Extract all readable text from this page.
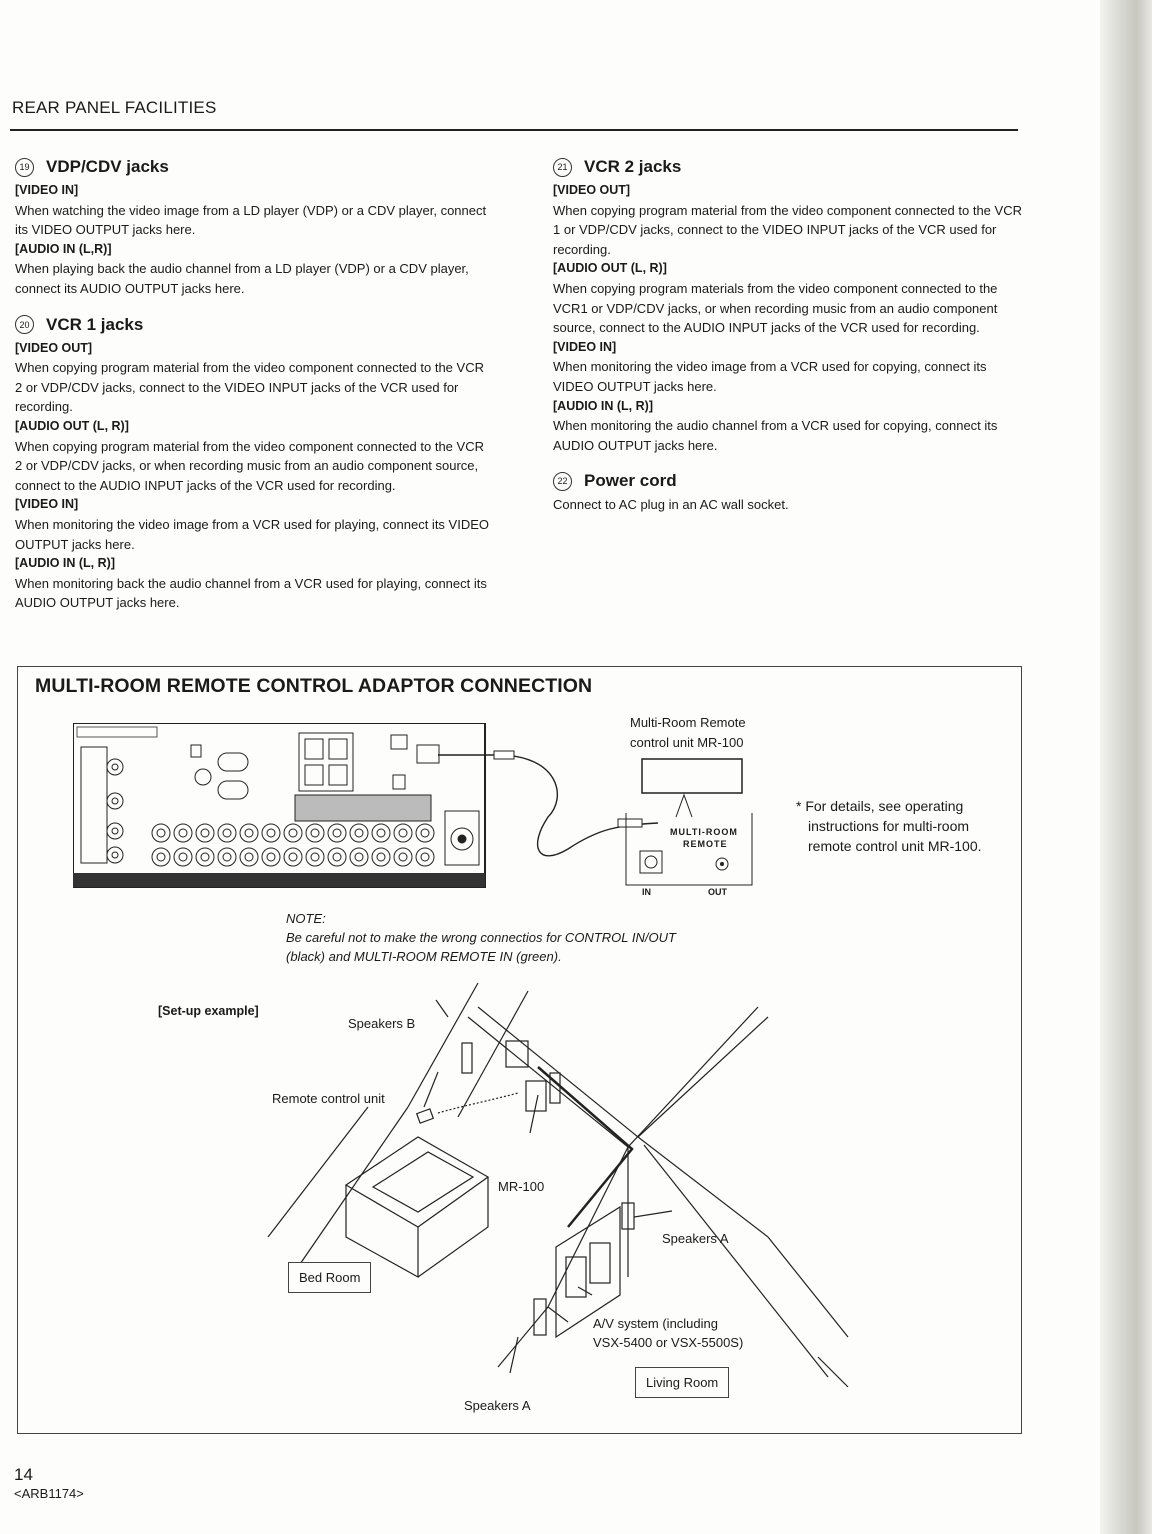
REAR PANEL FACILITIES
19 VDP/CDV jacks
[VIDEO IN]

When watching the video image from a LD player (VDP) or a CDV player, connect its VIDEO OUTPUT jacks here.

[AUDIO IN (L,R)]

When playing back the audio channel from a LD player (VDP) or a CDV player, connect its AUDIO OUTPUT jacks here.

20 VCR 1 jacks
[VIDEO OUT]

When copying program material from the video component connected to the VCR 2 or VDP/CDV jacks, connect to the VIDEO INPUT jacks of the VCR used for recording.

[AUDIO OUT (L, R)]

When copying program material from the video component connected to the VCR 2 or VDP/CDV jacks, or when recording music from an audio component source, connect to the AUDIO INPUT jacks of the VCR used for recording.

[VIDEO IN]

When monitoring the video image from a VCR used for playing, connect its VIDEO OUTPUT jacks here.

[AUDIO IN (L, R)]

When monitoring back the audio channel from a VCR used for playing, connect its AUDIO OUTPUT jacks here.

21 VCR 2 jacks
[VIDEO OUT]

When copying program material from the video component connected to the VCR 1 or VDP/CDV jacks, connect to the VIDEO INPUT jacks of the VCR used for recording.

[AUDIO OUT (L, R)]

When copying program materials from the video component connected to the VCR1 or VDP/CDV jacks, or when recording music from an audio component source, connect to the AUDIO INPUT jacks of the VCR used for recording.

[VIDEO IN]

When monitoring the video image from a VCR used for copying, connect its VIDEO OUTPUT jacks here.

[AUDIO IN (L, R)]

When monitoring the audio channel from a VCR used for copying, connect its AUDIO OUTPUT jacks here.

22 Power cord

Connect to AC plug in an AC wall socket.

MULTI-ROOM REMOTE CONTROL ADAPTOR CONNECTION
Multi-Room Remote
control unit MR-100
MULTI-ROOM
REMOTE
IN	OUT
* For details, see operating
instructions for multi-room
remote control unit MR-100.
NOTE:
Be careful not to make the wrong connectios for CONTROL IN/OUT
(black) and MULTI-ROOM REMOTE IN (green).
[Set-up example]
Speakers B
Remote control unit
MR-100
Speakers A
Bed Room
A/V system (including
VSX-5400 or VSX-5500S)
Living Room
Speakers A
14
<ARB1174>
